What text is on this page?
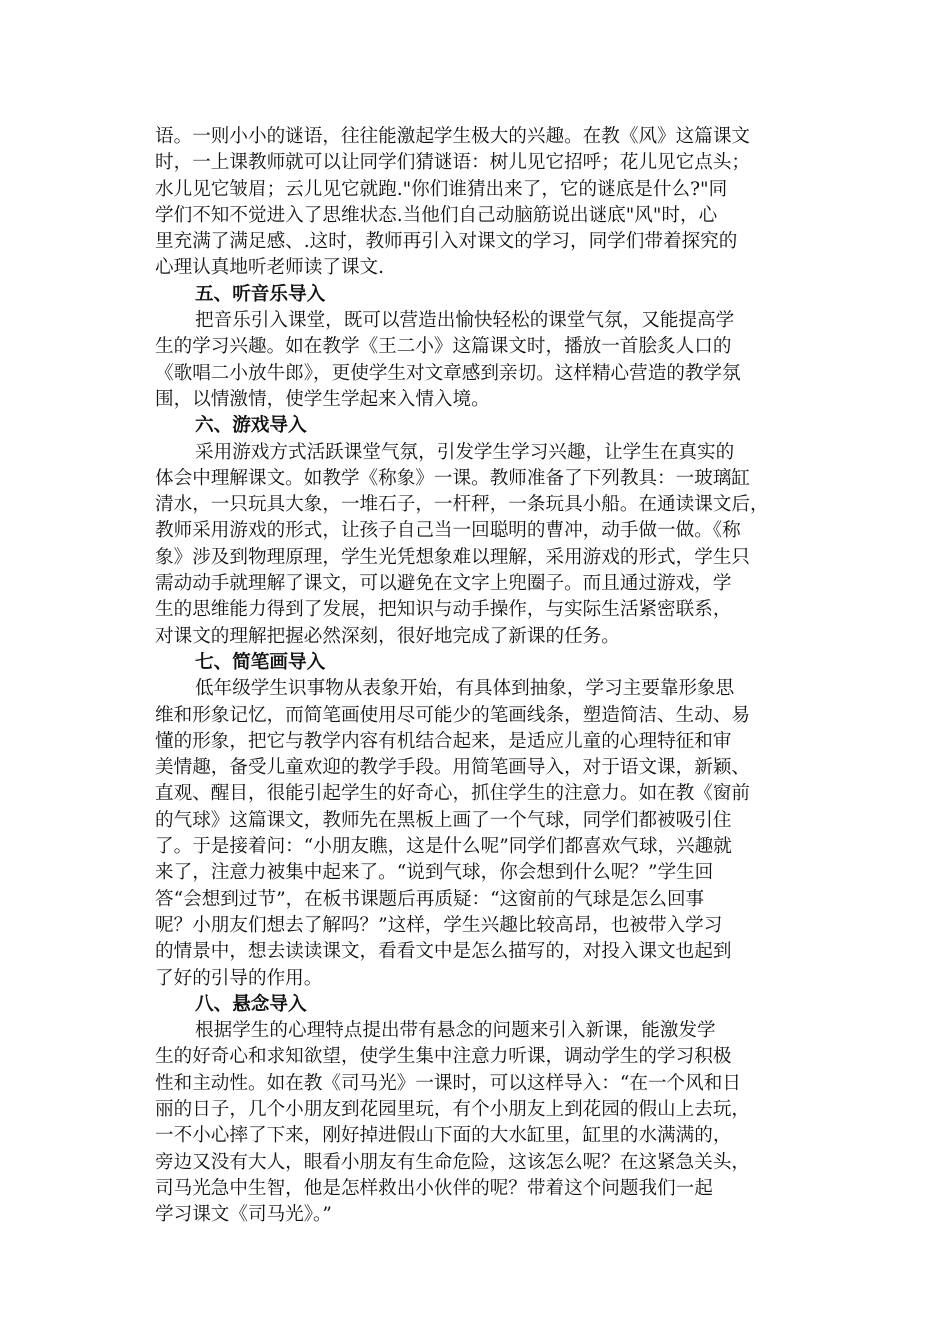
语。一则小小的谜语，往往能激起学生极大的兴趣。在教《风》这篇课文
时，一上课教师就可以让同学们猜谜语：树儿见它招呼；花儿见它点头；
水儿见它皱眉；云儿见它就跑."你们谁猜出来了，它的谜底是什么?"同
学们不知不觉进入了思维状态.当他们自己动脑筋说出谜底"风"时，心
里充满了满足感、.这时，教师再引入对课文的学习，同学们带着探究的
心理认真地听老师读了课文.
五、听音乐导入
把音乐引入课堂，既可以营造出愉快轻松的课堂气氛，又能提高学
生的学习兴趣。如在教学《王二小》这篇课文时，播放一首脍炙人口的
《歌唱二小放牛郎》，更使学生对文章感到亲切。这样精心营造的教学氛
围，以情激情，使学生学起来入情入境。
六、游戏导入
采用游戏方式活跃课堂气氛，引发学生学习兴趣，让学生在真实的
体会中理解课文。如教学《称象》一课。教师准备了下列教具：一玻璃缸
清水，一只玩具大象，一堆石子，一杆秤，一条玩具小船。在通读课文后，
教师采用游戏的形式，让孩子自己当一回聪明的曹冲，动手做一做。《称
象》涉及到物理原理，学生光凭想象难以理解，采用游戏的形式，学生只
需动动手就理解了课文，可以避免在文字上兜圈子。而且通过游戏，学
生的思维能力得到了发展，把知识与动手操作，与实际生活紧密联系，
对课文的理解把握必然深刻，很好地完成了新课的任务。
七、简笔画导入
低年级学生识事物从表象开始，有具体到抽象，学习主要靠形象思
维和形象记忆，而简笔画使用尽可能少的笔画线条，塑造简洁、生动、易
懂的形象，把它与教学内容有机结合起来，是适应儿童的心理特征和审
美情趣，备受儿童欢迎的教学手段。用简笔画导入，对于语文课，新颖、
直观、醒目，很能引起学生的好奇心，抓住学生的注意力。如在教《窗前
的气球》这篇课文，教师先在黑板上画了一个气球，同学们都被吸引住
了。于是接着问：“小朋友瞧，这是什么呢”同学们都喜欢气球，兴趣就
来了，注意力被集中起来了。“说到气球，你会想到什么呢？”学生回
答“会想到过节”，在板书课题后再质疑：“这窗前的气球是怎么回事
呢？小朋友们想去了解吗？”这样，学生兴趣比较高昂，也被带入学习
的情景中，想去读读课文，看看文中是怎么描写的，对投入课文也起到
了好的引导的作用。
八、悬念导入
根据学生的心理特点提出带有悬念的问题来引入新课，能激发学
生的好奇心和求知欲望，使学生集中注意力听课，调动学生的学习积极
性和主动性。如在教《司马光》一课时，可以这样导入：“在一个风和日
丽的日子，几个小朋友到花园里玩，有个小朋友上到花园的假山上去玩，
一不小心摔了下来，刚好掉进假山下面的大水缸里，缸里的水满满的，
旁边又没有大人，眼看小朋友有生命危险，这该怎么呢？在这紧急关头，
司马光急中生智，他是怎样救出小伙伴的呢？带着这个问题我们一起
学习课文《司马光》。”
